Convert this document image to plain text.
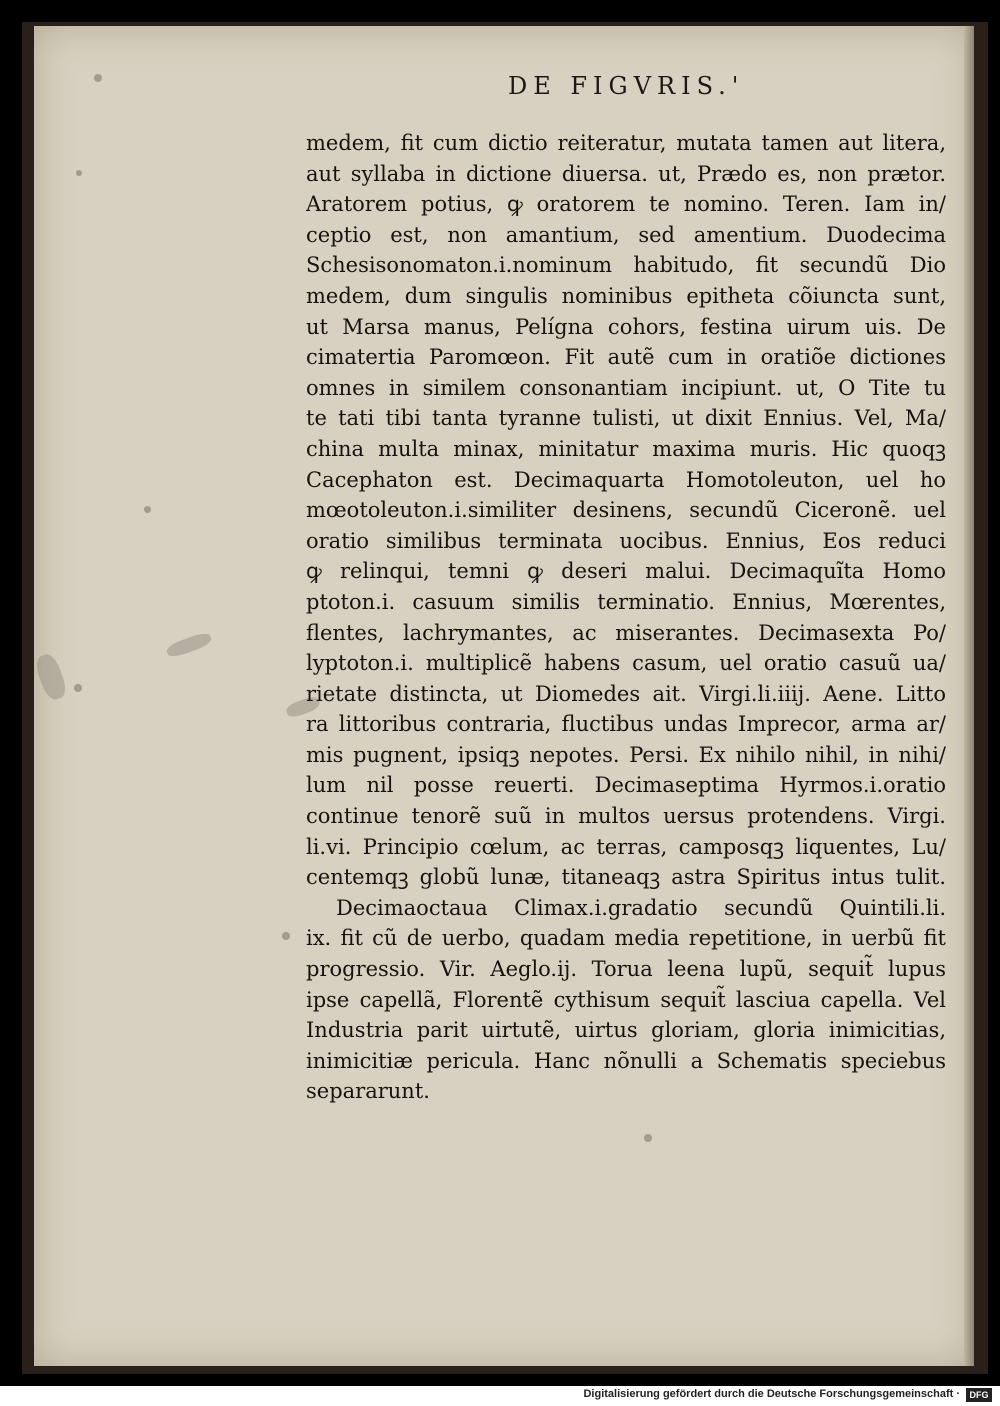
DE FIGVRIS.'
medem, fit cum dictio reiteratur, mutata tamen aut litera,
aut syllaba in dictione diuersa. ut, Prædo es, non prætor.
Aratorem potius, ꝙ oratorem te nomino. Teren. Iam in/
ceptio est, non amantium, sed amentium. Duodecima
Schesisonomaton.i.nominum habitudo, fit secundũ Dio
medem, dum singulis nominibus epitheta cõiuncta sunt,
ut Marsa manus, Pelígna cohors, festina uirum uis. De
cimatertia Paromœon. Fit autẽ cum in oratiõe dictiones
omnes in similem consonantiam incipiunt. ut, O Tite tu
te tati tibi tanta tyranne tulisti, ut dixit Ennius. Vel, Ma/
china multa minax, minitatur maxima muris. Hic quoqꝫ
Cacephaton est. Decimaquarta Homotoleuton, uel ho
mœotoleuton.i.similiter desinens, secundũ Ciceronẽ. uel
oratio similibus terminata uocibus. Ennius, Eos reduci
ꝙ relinqui, temni ꝙ deseri malui. Decimaquĩta Homo
ptoton.i. casuum similis terminatio. Ennius, Mœrentes,
flentes, lachrymantes, ac miserantes. Decimasexta Po/
lyptoton.i. multiplicẽ habens casum, uel oratio casuũ ua/
rietate distincta, ut Diomedes ait. Virgi.li.iiij. Aene. Litto
ra littoribus contraria, fluctibus undas Imprecor, arma ar/
mis pugnent, ipsiqꝫ nepotes. Persi. Ex nihilo nihil, in nihi/
lum nil posse reuerti. Decimaseptima Hyrmos.i.oratio
continue tenorẽ suũ in multos uersus protendens. Virgi.
li.vi. Principio cœlum, ac terras, camposqꝫ liquentes, Lu/
centemqꝫ globũ lunæ, titaneaqꝫ astra Spiritus intus tulit.
Decimaoctaua Climax.i.gradatio secundũ Quintili.li.
ix. fit cũ de uerbo, quadam media repetitione, in uerbũ fit
progressio. Vir. Aeglo.ij. Torua leena lupũ, sequit̃ lupus
ipse capellã, Florentẽ cythisum sequit̃ lasciua capella. Vel
Industria parit uirtutẽ, uirtus gloriam, gloria inimicitias,
inimicitiæ pericula. Hanc nõnulli a Schematis speciebus
separarunt.
Digitalisierung gefördert durch die Deutsche Forschungsgemeinschaft ·	DFG
